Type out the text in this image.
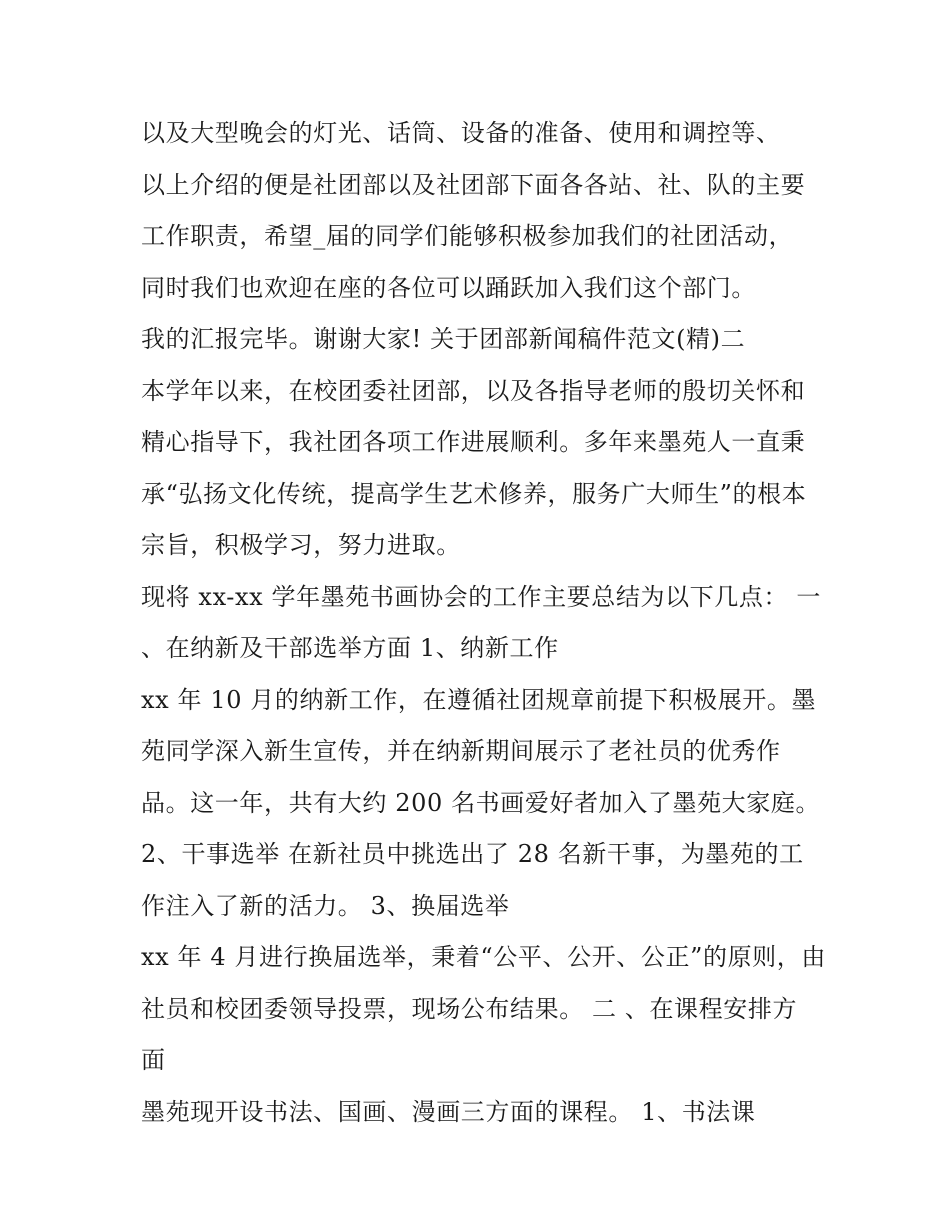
以及大型晚会的灯光、话筒、设备的准备、使用和调控等、
以上介绍的便是社团部以及社团部下面各各站、社、队的主要
工作职责，希望_届的同学们能够积极参加我们的社团活动，
同时我们也欢迎在座的各位可以踊跃加入我们这个部门。
我的汇报完毕。谢谢大家! 关于团部新闻稿件范文(精)二
本学年以来，在校团委社团部，以及各指导老师的殷切关怀和
精心指导下，我社团各项工作进展顺利。多年来墨苑人一直秉
承“弘扬文化传统，提高学生艺术修养，服务广大师生”的根本
宗旨，积极学习，努力进取。
现将 xx-xx 学年墨苑书画协会的工作主要总结为以下几点： 一
、在纳新及干部选举方面 1、纳新工作
xx 年 10 月的纳新工作，在遵循社团规章前提下积极展开。墨
苑同学深入新生宣传，并在纳新期间展示了老社员的优秀作
品。这一年，共有大约 200 名书画爱好者加入了墨苑大家庭。
2、干事选举 在新社员中挑选出了 28 名新干事，为墨苑的工
作注入了新的活力。 3、换届选举
xx 年 4 月进行换届选举，秉着“公平、公开、公正”的原则，由
社员和校团委领导投票，现场公布结果。 二 、在课程安排方
面
墨苑现开设书法、国画、漫画三方面的课程。 1、书法课
